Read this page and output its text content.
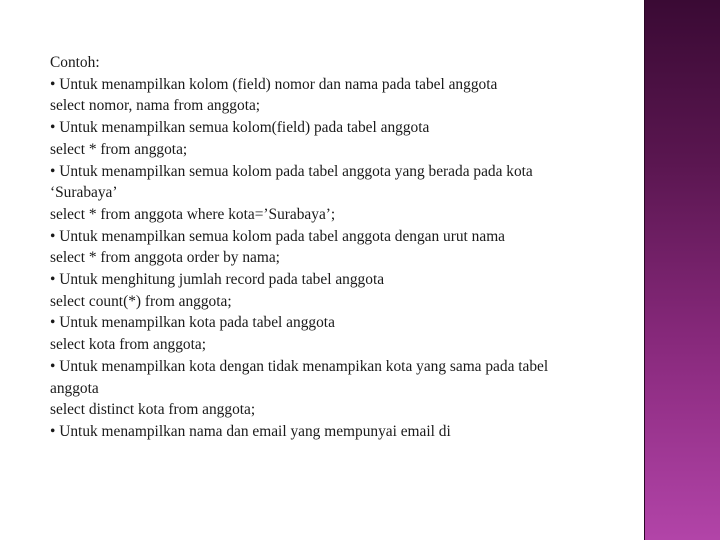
Contoh:
• Untuk menampilkan kolom (field) nomor dan nama pada tabel anggota
select nomor, nama from anggota;
• Untuk menampilkan semua kolom(field) pada tabel anggota
select * from anggota;
• Untuk menampilkan semua kolom pada tabel anggota yang berada pada kota
‘Surabaya’
select * from anggota where kota=’Surabaya’;
• Untuk menampilkan semua kolom pada tabel anggota dengan urut nama
select * from anggota order by nama;
• Untuk menghitung jumlah record pada tabel anggota
select count(*) from anggota;
• Untuk menampilkan kota pada tabel anggota
select kota from anggota;
• Untuk menampilkan kota dengan tidak menampikan kota yang sama pada tabel
anggota
select distinct kota from anggota;
• Untuk menampilkan nama dan email yang mempunyai email di
